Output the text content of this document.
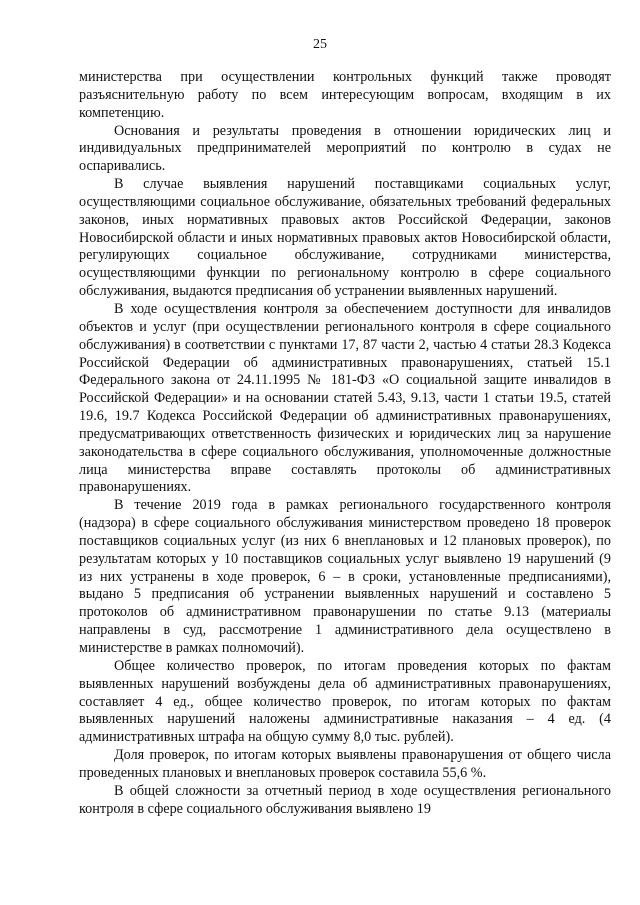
25

министерства при осуществлении контрольных функций также проводят разъяснительную работу по всем интересующим вопросам, входящим в их компетенцию.

Основания и результаты проведения в отношении юридических лиц и индивидуальных предпринимателей мероприятий по контролю в судах не оспаривались.

В случае выявления нарушений поставщиками социальных услуг, осуществляющими социальное обслуживание, обязательных требований федеральных законов, иных нормативных правовых актов Российской Федерации, законов Новосибирской области и иных нормативных правовых актов Новосибирской области, регулирующих социальное обслуживание, сотрудниками министерства, осуществляющими функции по региональному контролю в сфере социального обслуживания, выдаются предписания об устранении выявленных нарушений.

В ходе осуществления контроля за обеспечением доступности для инвалидов объектов и услуг (при осуществлении регионального контроля в сфере социального обслуживания) в соответствии с пунктами 17, 87 части 2, частью 4 статьи 28.3 Кодекса Российской Федерации об административных правонарушениях, статьей 15.1 Федерального закона от 24.11.1995 № 181-ФЗ «О социальной защите инвалидов в Российской Федерации» и на основании статей 5.43, 9.13, части 1 статьи 19.5, статей 19.6, 19.7 Кодекса Российской Федерации об административных правонарушениях, предусматривающих ответственность физических и юридических лиц за нарушение законодательства в сфере социального обслуживания, уполномоченные должностные лица министерства вправе составлять протоколы об административных правонарушениях.

В течение 2019 года в рамках регионального государственного контроля (надзора) в сфере социального обслуживания министерством проведено 18 проверок поставщиков социальных услуг (из них 6 внеплановых и 12 плановых проверок), по результатам которых у 10 поставщиков социальных услуг выявлено 19 нарушений (9 из них устранены в ходе проверок, 6 – в сроки, установленные предписаниями), выдано 5 предписания об устранении выявленных нарушений и составлено 5 протоколов об административном правонарушении по статье 9.13 (материалы направлены в суд, рассмотрение 1 административного дела осуществлено в министерстве в рамках полномочий).

Общее количество проверок, по итогам проведения которых по фактам выявленных нарушений возбуждены дела об административных правонарушениях, составляет 4 ед., общее количество проверок, по итогам которых по фактам выявленных нарушений наложены административные наказания – 4 ед. (4 административных штрафа на общую сумму 8,0 тыс. рублей).

Доля проверок, по итогам которых выявлены правонарушения от общего числа проведенных плановых и внеплановых проверок составила 55,6 %.

В общей сложности за отчетный период в ходе осуществления регионального контроля в сфере социального обслуживания выявлено 19
